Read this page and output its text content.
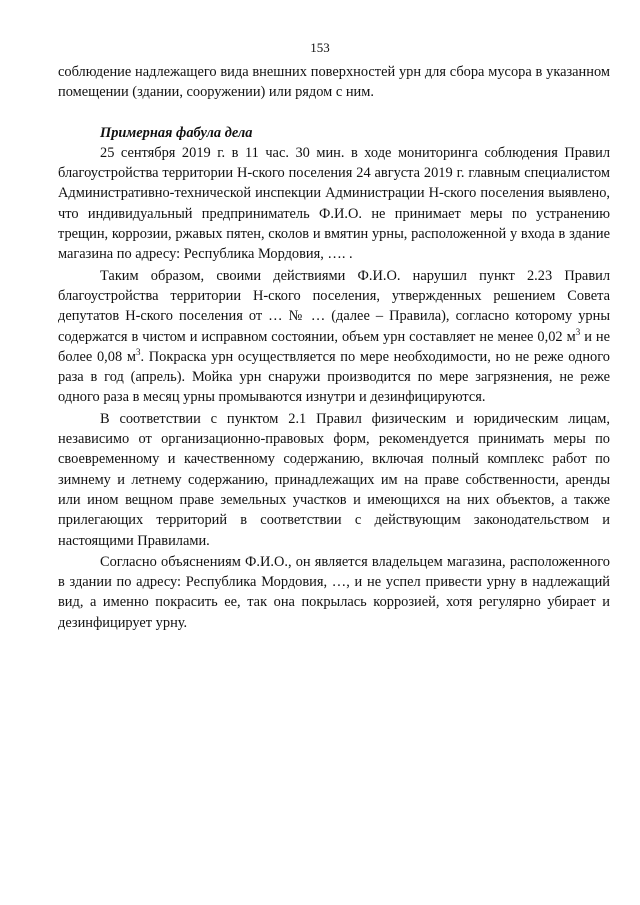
153

соблюдение надлежащего вида внешних поверхностей урн для сбора мусора в указанном помещении (здании, сооружении) или рядом с ним.

Примерная фабула дела

25 сентября 2019 г. в 11 час. 30 мин. в ходе мониторинга соблюдения Правил благоустройства территории Н-ского поселения 24 августа 2019 г. главным специалистом Административно-технической инспекции Администрации Н-ского поселения выявлено, что индивидуальный предприниматель Ф.И.О. не принимает меры по устранению трещин, коррозии, ржавых пятен, сколов и вмятин урны, расположенной у входа в здание магазина по адресу: Республика Мордовия, …. .

Таким образом, своими действиями Ф.И.О. нарушил пункт 2.23 Правил благоустройства территории Н-ского поселения, утвержденных решением Совета депутатов Н-ского поселения от … № … (далее – Правила), согласно которому урны содержатся в чистом и исправном состоянии, объем урн составляет не менее 0,02 $м^3$ и не более 0,08 $м^3$. Покраска урн осуществляется по мере необходимости, но не реже одного раза в год (апрель). Мойка урн снаружи производится по мере загрязнения, не реже одного раза в месяц урны промываются изнутри и дезинфицируются.

В соответствии с пунктом 2.1 Правил физическим и юридическим лицам, независимо от организационно-правовых форм, рекомендуется принимать меры по своевременному и качественному содержанию, включая полный комплекс работ по зимнему и летнему содержанию, принадлежащих им на праве собственности, аренды или ином вещном праве земельных участков и имеющихся на них объектов, а также прилегающих территорий в соответствии с действующим законодательством и настоящими Правилами.

Согласно объяснениям Ф.И.О., он является владельцем магазина, расположенного в здании по адресу: Республика Мордовия, …, и не успел привести урну в надлежащий вид, а именно покрасить ее, так она покрылась коррозией, хотя регулярно убирает и дезинфицирует урну.
